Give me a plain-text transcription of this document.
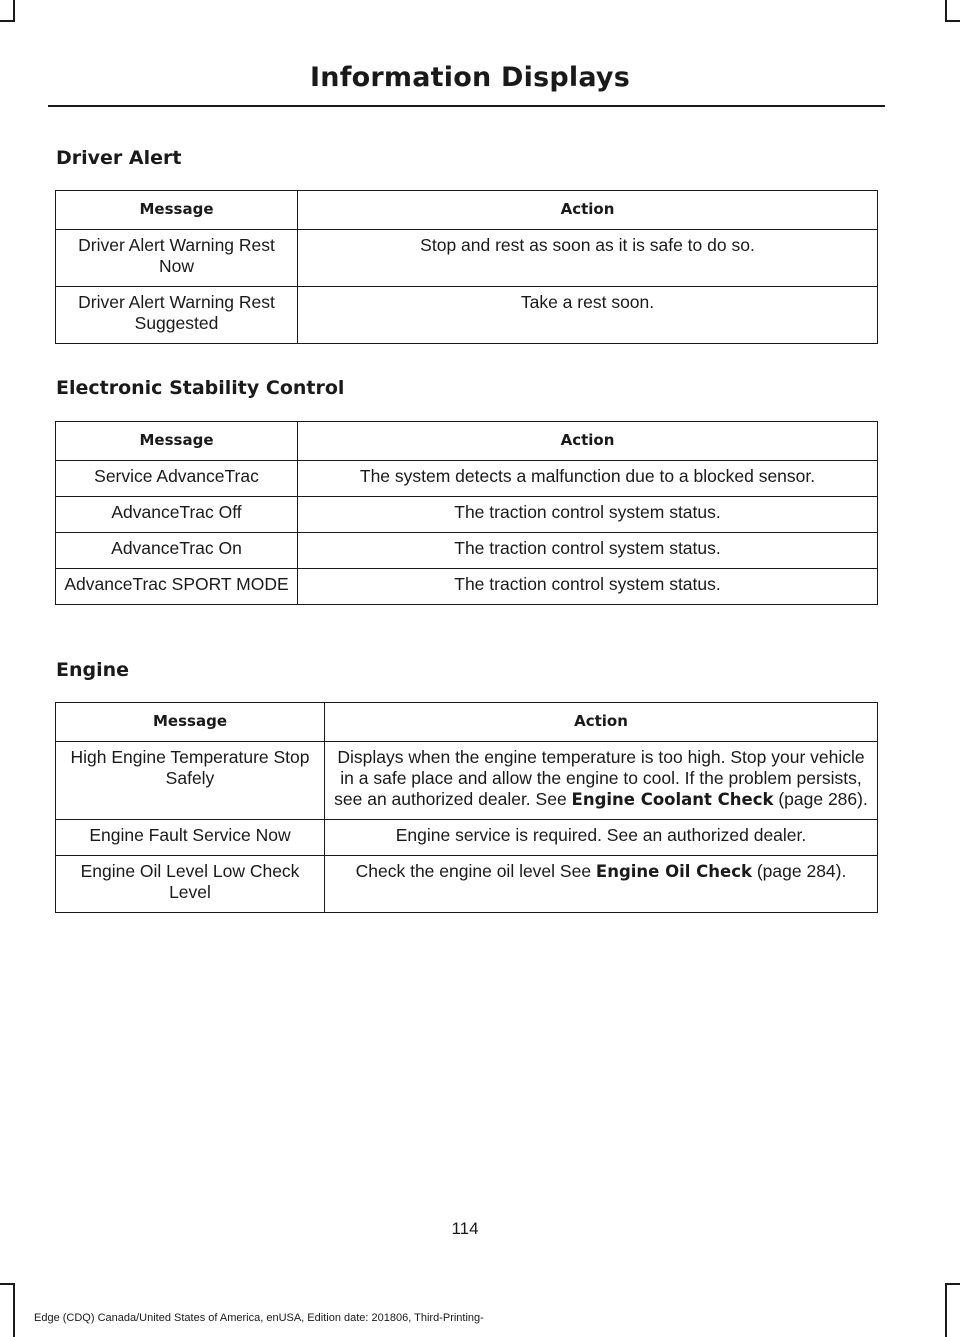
Information Displays
Driver Alert
Message	Action
Driver Alert Warning Rest Now	Stop and rest as soon as it is safe to do so.
Driver Alert Warning Rest Suggested	Take a rest soon.
Electronic Stability Control
Message	Action
Service AdvanceTrac	The system detects a malfunction due to a blocked sensor.
AdvanceTrac Off	The traction control system status.
AdvanceTrac On	The traction control system status.
AdvanceTrac SPORT MODE	The traction control system status.
Engine
Message	Action
High Engine Temperature Stop Safely	Displays when the engine temperature is too high. Stop your vehicle in a safe place and allow the engine to cool. If the problem persists, see an authorized dealer. See Engine Coolant Check (page 286).
Engine Fault Service Now	Engine service is required. See an authorized dealer.
Engine Oil Level Low Check Level	Check the engine oil level See Engine Oil Check (page 284).
114
Edge (CDQ) Canada/United States of America, enUSA, Edition date: 201806, Third-Printing-
